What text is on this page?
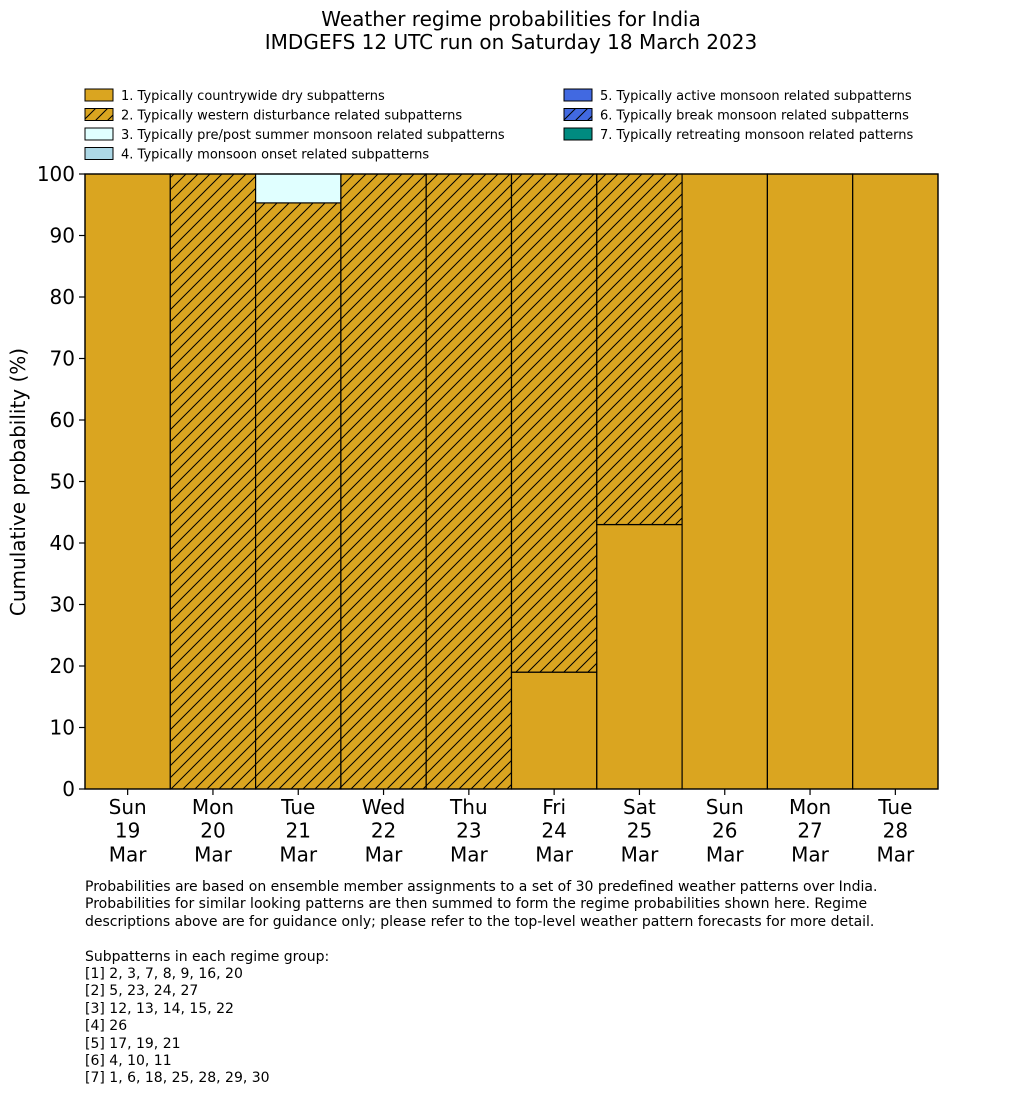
Weather regime probabilities for India
IMDGEFS 12 UTC run on Saturday 18 March 2023
1. Typically countrywide dry subpatterns
2. Typically western disturbance related subpatterns
3. Typically pre/post summer monsoon related subpatterns
4. Typically monsoon onset related subpatterns
5. Typically active monsoon related subpatterns
6. Typically break monsoon related subpatterns
7. Typically retreating monsoon related patterns
0
10
20
30
40
50
60
70
80
90
100
Sun 19 Mar
Mon 20 Mar
Tue 21 Mar
Wed 22 Mar
Thu 23 Mar
Fri 24 Mar
Sat 25 Mar
Sun 26 Mar
Mon 27 Mar
Tue 28 Mar
Cumulative probability (%)

Probabilities are based on ensemble member assignments to a set of 30 predefined weather patterns over India.

Probabilities for similar looking patterns are then summed to form the regime probabilities shown here. Regime

descriptions above are for guidance only; please refer to the top-level weather pattern forecasts for more detail.

Subpatterns in each regime group:

[1] 2, 3, 7, 8, 9, 16, 20

[2] 5, 23, 24, 27

[3] 12, 13, 14, 15, 22

[4] 26

[5] 17, 19, 21

[6] 4, 10, 11

[7] 1, 6, 18, 25, 28, 29, 30
